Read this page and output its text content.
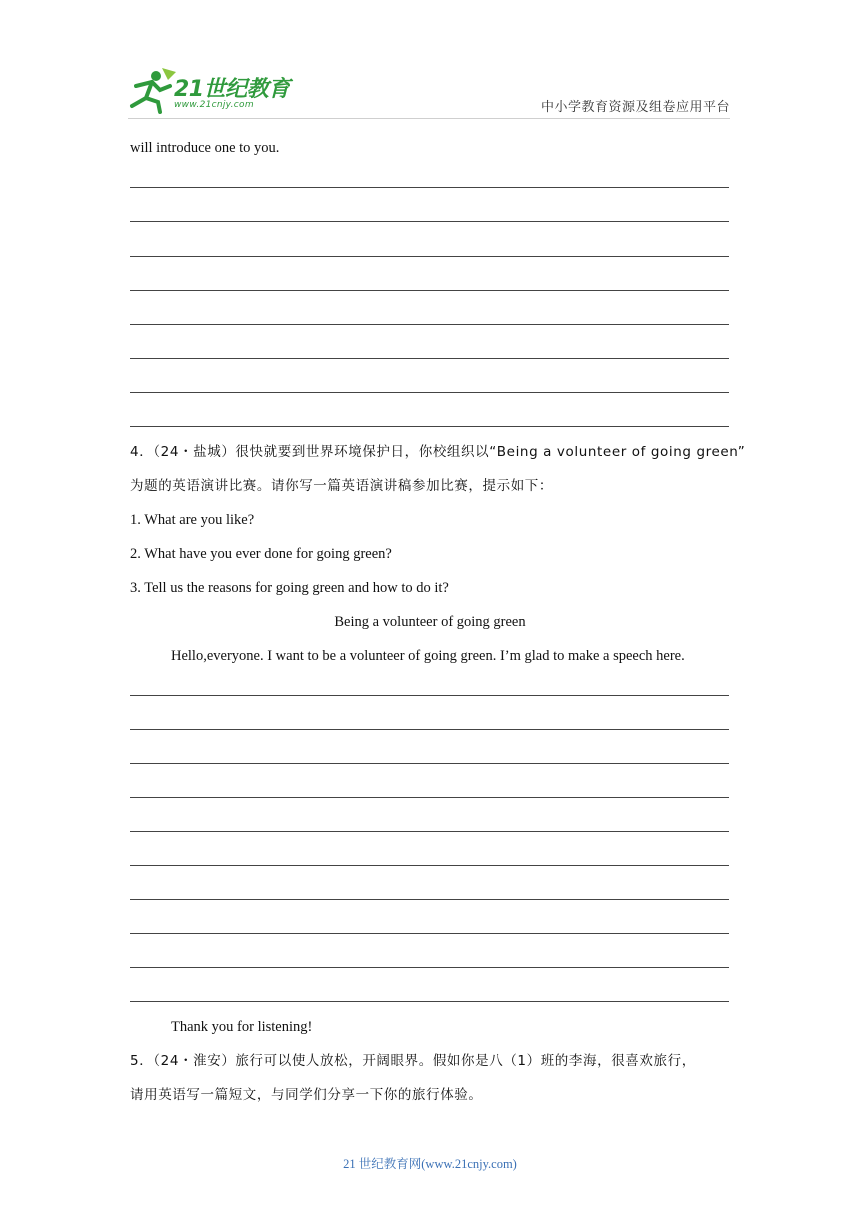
21世纪教育
www.21cnjy.com	中小学教育资源及组卷应用平台
will introduce one to you.
4．（24・盐城）很快就要到世界环境保护日，你校组织以“Being a volunteer of going green”
为题的英语演讲比赛。请你写一篇英语演讲稿参加比赛，提示如下：
1. What are you like?
2. What have you ever done for going green?
3. Tell us the reasons for going green and how to do it?
Being a volunteer of going green
Hello,everyone. I want to be a volunteer of going green. I’m glad to make a speech here.
Thank you for listening!
5．（24・淮安）旅行可以使人放松，开阔眼界。假如你是八（1）班的李海，很喜欢旅行，
请用英语写一篇短文，与同学们分享一下你的旅行体验。
21 世纪教育网(www.21cnjy.com)
